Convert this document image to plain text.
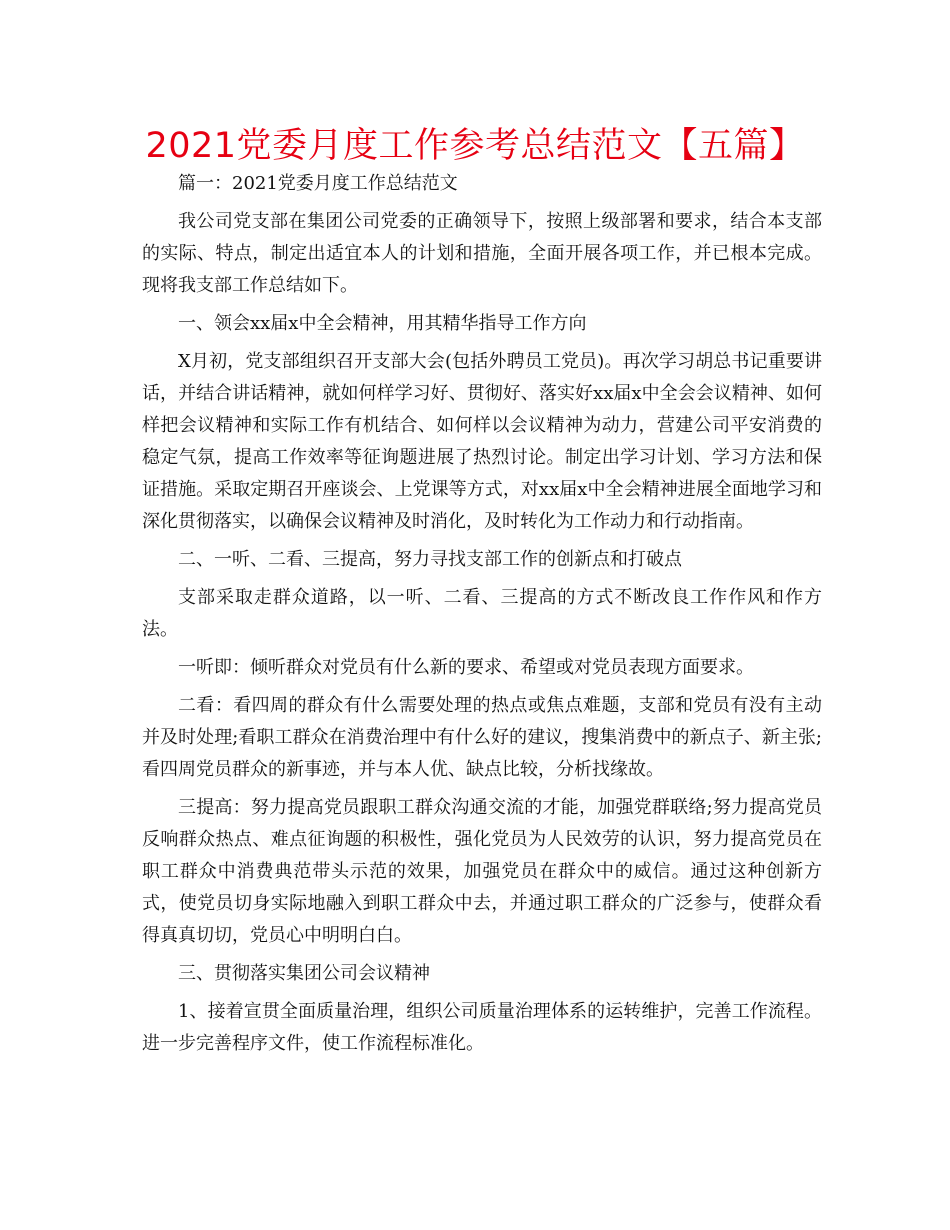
2021党委月度工作参考总结范文【五篇】

篇一：2021党委月度工作总结范文

我公司党支部在集团公司党委的正确领导下，按照上级部署和要求，结合本支部的实际、特点，制定出适宜本人的计划和措施，全面开展各项工作，并已根本完成。现将我支部工作总结如下。

一、领会xx届x中全会精神，用其精华指导工作方向

X月初，党支部组织召开支部大会(包括外聘员工党员)。再次学习胡总书记重要讲话，并结合讲话精神，就如何样学习好、贯彻好、落实好xx届x中全会会议精神、如何样把会议精神和实际工作有机结合、如何样以会议精神为动力，营建公司平安消费的稳定气氛，提高工作效率等征询题进展了热烈讨论。制定出学习计划、学习方法和保证措施。采取定期召开座谈会、上党课等方式，对xx届x中全会精神进展全面地学习和深化贯彻落实，以确保会议精神及时消化，及时转化为工作动力和行动指南。

二、一听、二看、三提高，努力寻找支部工作的创新点和打破点

支部采取走群众道路，以一听、二看、三提高的方式不断改良工作作风和作方法。

一听即：倾听群众对党员有什么新的要求、希望或对党员表现方面要求。

二看：看四周的群众有什么需要处理的热点或焦点难题，支部和党员有没有主动并及时处理;看职工群众在消费治理中有什么好的建议，搜集消费中的新点子、新主张;看四周党员群众的新事迹，并与本人优、缺点比较，分析找缘故。

三提高：努力提高党员跟职工群众沟通交流的才能，加强党群联络;努力提高党员反响群众热点、难点征询题的积极性，强化党员为人民效劳的认识，努力提高党员在职工群众中消费典范带头示范的效果，加强党员在群众中的威信。通过这种创新方式，使党员切身实际地融入到职工群众中去，并通过职工群众的广泛参与，使群众看得真真切切，党员心中明明白白。

三、贯彻落实集团公司会议精神

1、接着宣贯全面质量治理，组织公司质量治理体系的运转维护，完善工作流程。进一步完善程序文件，使工作流程标准化。
